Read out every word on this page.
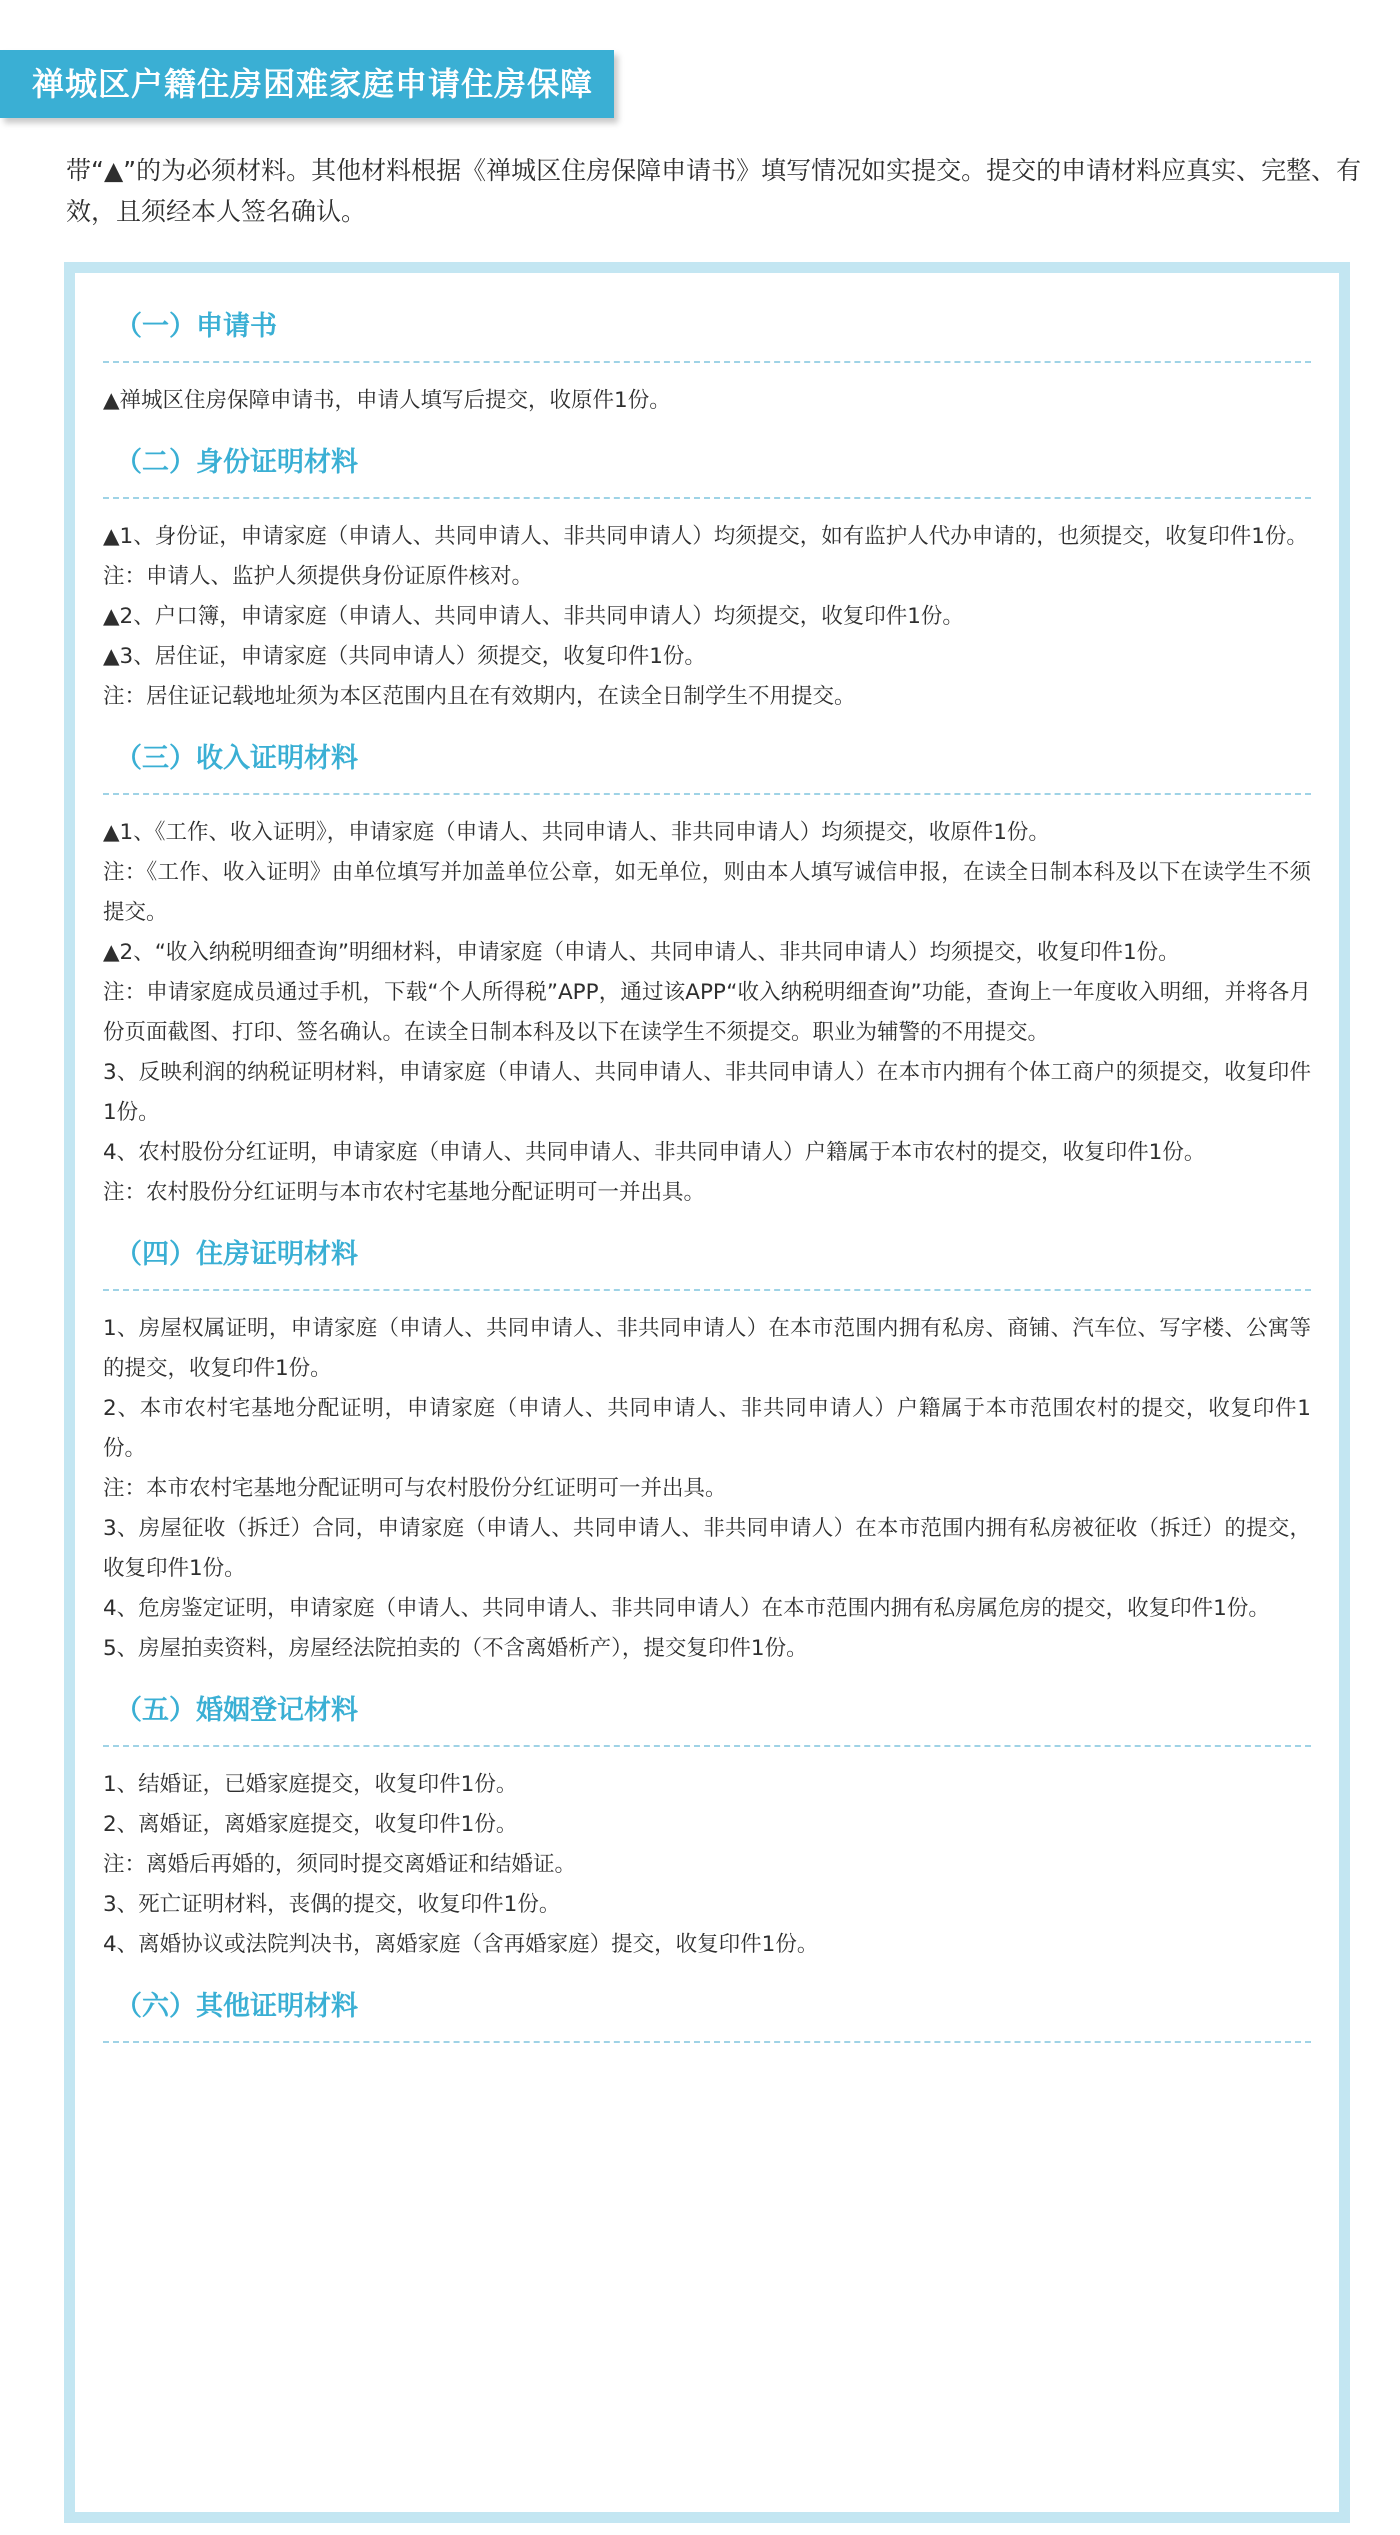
禅城区户籍住房困难家庭申请住房保障

带“▲”的为必须材料。其他材料根据《禅城区住房保障申请书》填写情况如实提交。提交的申请材料应真实、完整、有效，且须经本人签名确认。

（一）申请书

▲禅城区住房保障申请书，申请人填写后提交，收原件1份。

（二）身份证明材料

▲1、身份证，申请家庭（申请人、共同申请人、非共同申请人）均须提交，如有监护人代办申请的，也须提交，收复印件1份。

注：申请人、监护人须提供身份证原件核对。

▲2、户口簿，申请家庭（申请人、共同申请人、非共同申请人）均须提交，收复印件1份。

▲3、居住证，申请家庭（共同申请人）须提交，收复印件1份。

注：居住证记载地址须为本区范围内且在有效期内，在读全日制学生不用提交。

（三）收入证明材料

▲1、《工作、收入证明》，申请家庭（申请人、共同申请人、非共同申请人）均须提交，收原件1份。

注：《工作、收入证明》由单位填写并加盖单位公章，如无单位，则由本人填写诚信申报，在读全日制本科及以下在读学生不须提交。

▲2、“收入纳税明细查询”明细材料，申请家庭（申请人、共同申请人、非共同申请人）均须提交，收复印件1份。

注：申请家庭成员通过手机，下载“个人所得税”APP，通过该APP“收入纳税明细查询”功能，查询上一年度收入明细，并将各月份页面截图、打印、签名确认。在读全日制本科及以下在读学生不须提交。职业为辅警的不用提交。

3、反映利润的纳税证明材料，申请家庭（申请人、共同申请人、非共同申请人）在本市内拥有个体工商户的须提交，收复印件1份。

4、农村股份分红证明，申请家庭（申请人、共同申请人、非共同申请人）户籍属于本市农村的提交，收复印件1份。

注：农村股份分红证明与本市农村宅基地分配证明可一并出具。

（四）住房证明材料

1、房屋权属证明，申请家庭（申请人、共同申请人、非共同申请人）在本市范围内拥有私房、商铺、汽车位、写字楼、公寓等的提交，收复印件1份。

2、本市农村宅基地分配证明，申请家庭（申请人、共同申请人、非共同申请人）户籍属于本市范围农村的提交，收复印件1份。

注：本市农村宅基地分配证明可与农村股份分红证明可一并出具。

3、房屋征收（拆迁）合同，申请家庭（申请人、共同申请人、非共同申请人）在本市范围内拥有私房被征收（拆迁）的提交，收复印件1份。

4、危房鉴定证明，申请家庭（申请人、共同申请人、非共同申请人）在本市范围内拥有私房属危房的提交，收复印件1份。

5、房屋拍卖资料，房屋经法院拍卖的（不含离婚析产），提交复印件1份。

（五）婚姻登记材料

1、结婚证，已婚家庭提交，收复印件1份。

2、离婚证，离婚家庭提交，收复印件1份。

注：离婚后再婚的，须同时提交离婚证和结婚证。

3、死亡证明材料，丧偶的提交，收复印件1份。

4、离婚协议或法院判决书，离婚家庭（含再婚家庭）提交，收复印件1份。

（六）其他证明材料
